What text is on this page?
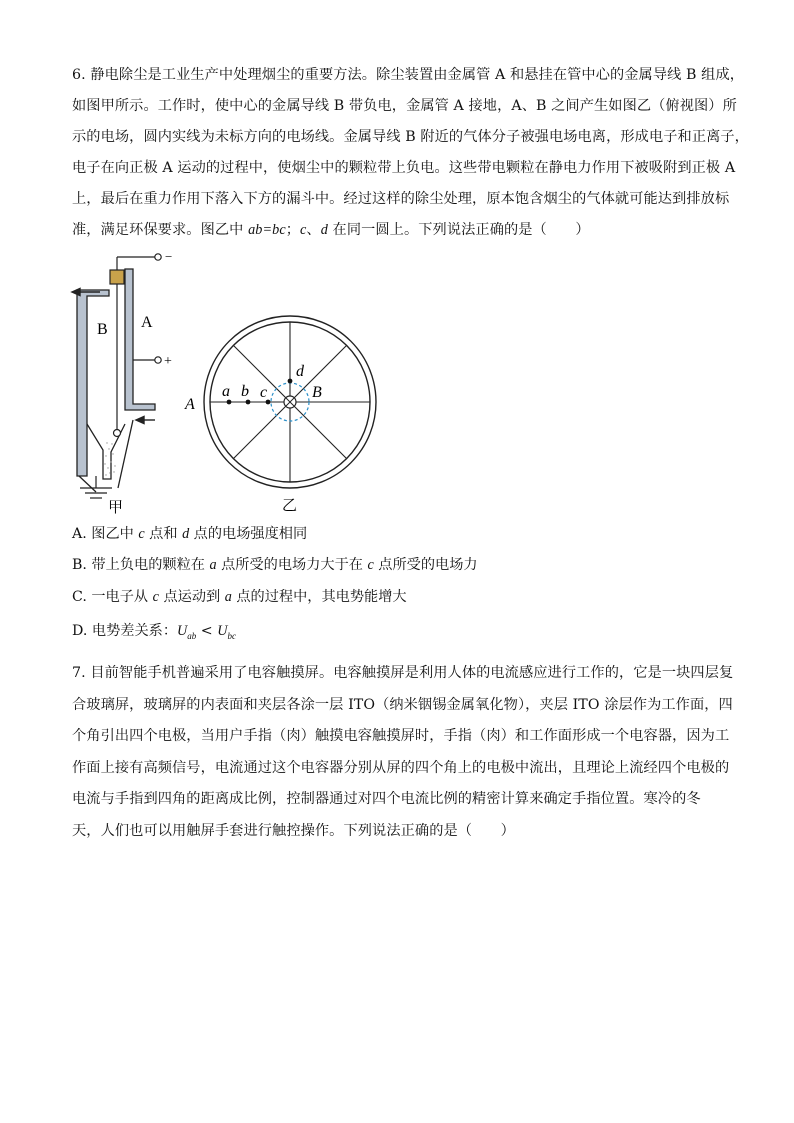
6. 静电除尘是工业生产中处理烟尘的重要方法。除尘装置由金属管 A 和悬挂在管中心的金属导线 B 组成，
如图甲所示。工作时，使中心的金属导线 B 带负电，金属管 A 接地，A、B 之间产生如图乙（俯视图）所
示的电场，圆内实线为未标方向的电场线。金属导线 B 附近的气体分子被强电场电离，形成电子和正离子，
电子在向正极 A 运动的过程中，使烟尘中的颗粒带上负电。这些带电颗粒在静电力作用下被吸附到正极 A
上，最后在重力作用下落入下方的漏斗中。经过这样的除尘处理，原本饱含烟尘的气体就可能达到排放标
准，满足环保要求。图乙中 ab=bc；c、d 在同一圆上。下列说法正确的是（　　）
−
+
A
B
甲
a b c
d
B
A
乙
A. 图乙中 c 点和 d 点的电场强度相同
B. 带上负电的颗粒在 a 点所受的电场力大于在 c 点所受的电场力
C. 一电子从 c 点运动到 a 点的过程中，其电势能增大
D. 电势差关系：$U_{ab} < U_{bc}$
7. 目前智能手机普遍采用了电容触摸屏。电容触摸屏是利用人体的电流感应进行工作的，它是一块四层复
合玻璃屏，玻璃屏的内表面和夹层各涂一层 ITO（纳米铟锡金属氧化物），夹层 ITO 涂层作为工作面，四
个角引出四个电极，当用户手指（肉）触摸电容触摸屏时，手指（肉）和工作面形成一个电容器，因为工
作面上接有高频信号，电流通过这个电容器分别从屏的四个角上的电极中流出，且理论上流经四个电极的
电流与手指到四角的距离成比例，控制器通过对四个电流比例的精密计算来确定手指位置。寒冷的冬
天，人们也可以用触屏手套进行触控操作。下列说法正确的是（　　）
